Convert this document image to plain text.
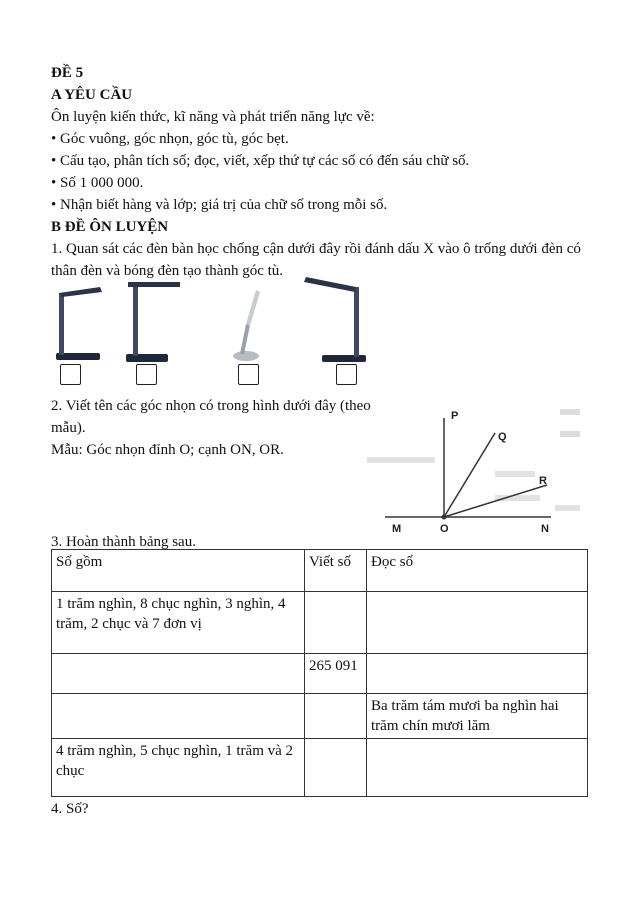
ĐỀ 5
A YÊU CẦU
Ôn luyện kiến thức, kĩ năng và phát triển năng lực về:
• Góc vuông, góc nhọn, góc tù, góc bẹt.
• Cấu tạo, phân tích số; đọc, viết, xếp thứ tự các số có đến sáu chữ số.
• Số 1 000 000.
• Nhận biết hàng và lớp; giá trị của chữ số trong mỗi số.
B ĐỀ ÔN LUYỆN
1. Quan sát các đèn bàn học chống cận dưới đây rồi đánh dấu X vào ô trống dưới đèn có
thân đèn và bóng đèn tạo thành góc tù.
2. Viết tên các góc nhọn có trong hình dưới đây (theo
mẫu).
Mẫu: Góc nhọn đỉnh O; cạnh ON, OR.
P
Q
R
M	O	N
3. Hoàn thành bảng sau.
Số gồm	Viết số	Đọc số
1 trăm nghìn, 8 chục nghìn, 3 nghìn, 4 trăm, 2 chục và 7 đơn vị		
	265 091	
		Ba trăm tám mươi ba nghìn hai trăm chín mươi lăm
4 trăm nghìn, 5 chục nghìn, 1 trăm và 2 chục		
4. Số?
